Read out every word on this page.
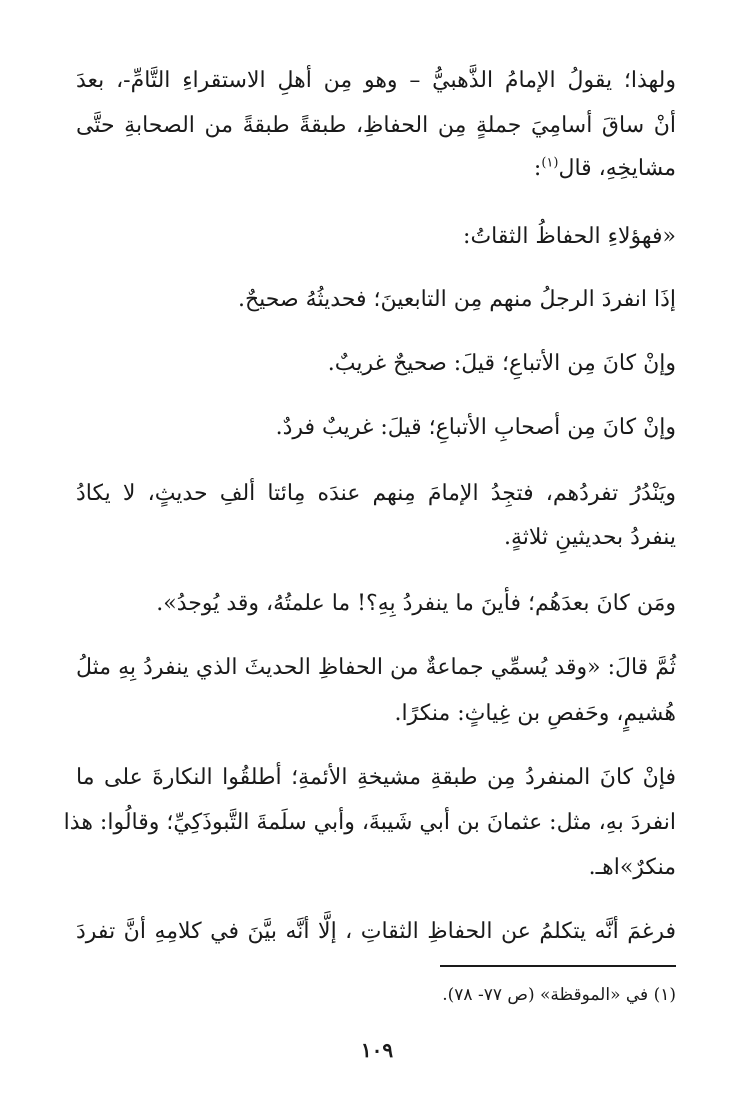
ولهذا؛ يقولُ الإمامُ الذَّهبيُّ – وهو مِن أهلِ الاستقراءِ التَّامِّ-، بعدَ
أنْ ساقَ أسامِيَ جملةٍ مِن الحفاظِ، طبقةً طبقةً من الصحابةِ حتَّى
مشايخِهِ، قال$^{(١)}$:
«فهؤلاءِ الحفاظُ الثقاتُ:
إذَا انفردَ الرجلُ منهم مِن التابعينَ؛ فحديثُهُ صحيحٌ.
وإنْ كانَ مِن الأتباعِ؛ قيلَ: صحيحٌ غريبٌ.
وإنْ كانَ مِن أصحابِ الأتباعِ؛ قيلَ: غريبٌ فردٌ.
ويَنْدُرُ تفردُهم، فتجِدُ الإمامَ مِنهم عندَه مِائتا ألفِ حديثٍ، لا يكادُ
ينفردُ بحديثينِ ثلاثةٍ.
ومَن كانَ بعدَهُم؛ فأينَ ما ينفردُ بِهِ؟! ما علمتُهُ، وقد يُوجدُ».
ثُمَّ قالَ: «وقد يُسمِّي جماعةٌ من الحفاظِ الحديثَ الذي ينفردُ بِهِ مثلُ
هُشيمٍ، وحَفصِ بن غِياثٍ: منكرًا.
فإنْ كانَ المنفردُ مِن طبقةِ مشيخةِ الأئمةِ؛ أطلقُوا النكارةَ على ما
انفردَ بهِ، مثل: عثمانَ بن أبي شَيبةَ، وأبي سلَمةَ التَّبوذَكِيِّ؛ وقالُوا: هذا
منكرٌ»اهـ.
فرغمَ أنَّه يتكلمُ عن الحفاظِ الثقاتِ ، إلَّا أنَّه بيَّنَ في كلامِهِ أنَّ تفردَ
(١) في «الموقظة» (ص ٧٧- ٧٨).
١٠٩
